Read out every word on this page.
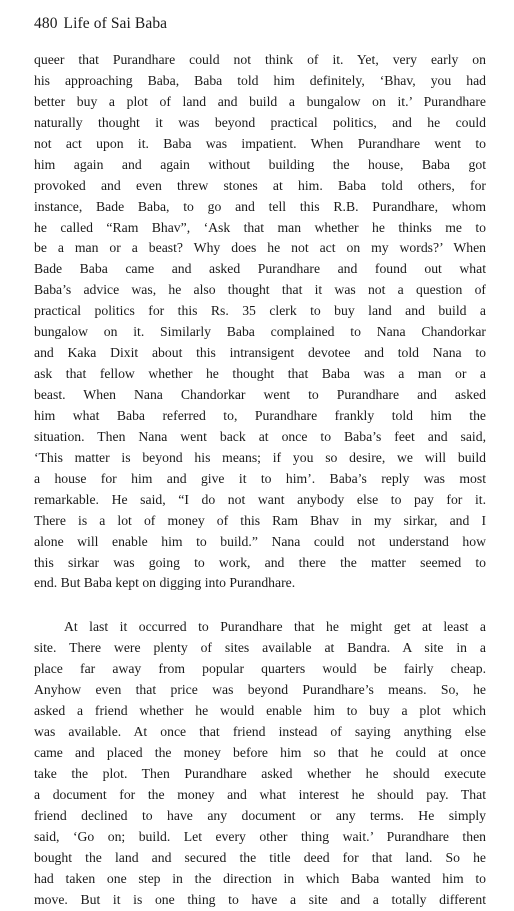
480 Life of Sai Baba
queer that Purandhare could not think of it. Yet, very early on
his approaching Baba, Baba told him definitely, ‘Bhav, you had
better buy a plot of land and build a bungalow on it.’ Purandhare
naturally thought it was beyond practical politics, and he could
not act upon it. Baba was impatient. When Purandhare went to
him again and again without building the house, Baba got
provoked and even threw stones at him. Baba told others, for
instance, Bade Baba, to go and tell this R.B. Purandhare, whom
he called “Ram Bhav”, ‘Ask that man whether he thinks me to
be a man or a beast? Why does he not act on my words?’ When
Bade Baba came and asked Purandhare and found out what
Baba’s advice was, he also thought that it was not a question of
practical politics for this Rs. 35 clerk to buy land and build a
bungalow on it. Similarly Baba complained to Nana Chandorkar
and Kaka Dixit about this intransigent devotee and told Nana to
ask that fellow whether he thought that Baba was a man or a
beast. When Nana Chandorkar went to Purandhare and asked
him what Baba referred to, Purandhare frankly told him the
situation. Then Nana went back at once to Baba’s feet and said,
‘This matter is beyond his means; if you so desire, we will build
a house for him and give it to him’. Baba’s reply was most
remarkable. He said, “I do not want anybody else to pay for it.
There is a lot of money of this Ram Bhav in my sirkar, and I
alone will enable him to build.” Nana could not understand how
this sirkar was going to work, and there the matter seemed to
end. But Baba kept on digging into Purandhare.
At last it occurred to Purandhare that he might get at least a
site. There were plenty of sites available at Bandra. A site in a
place far away from popular quarters would be fairly cheap.
Anyhow even that price was beyond Purandhare’s means. So, he
asked a friend whether he would enable him to buy a plot which
was available. At once that friend instead of saying anything else
came and placed the money before him so that he could at once
take the plot. Then Purandhare asked whether he should execute
a document for the money and what interest he should pay. That
friend declined to have any document or any terms. He simply
said, ‘Go on; build. Let every other thing wait.’ Purandhare then
bought the land and secured the title deed for that land. So he
had taken one step in the direction in which Baba wanted him to
move. But it is one thing to have a site and a totally different
